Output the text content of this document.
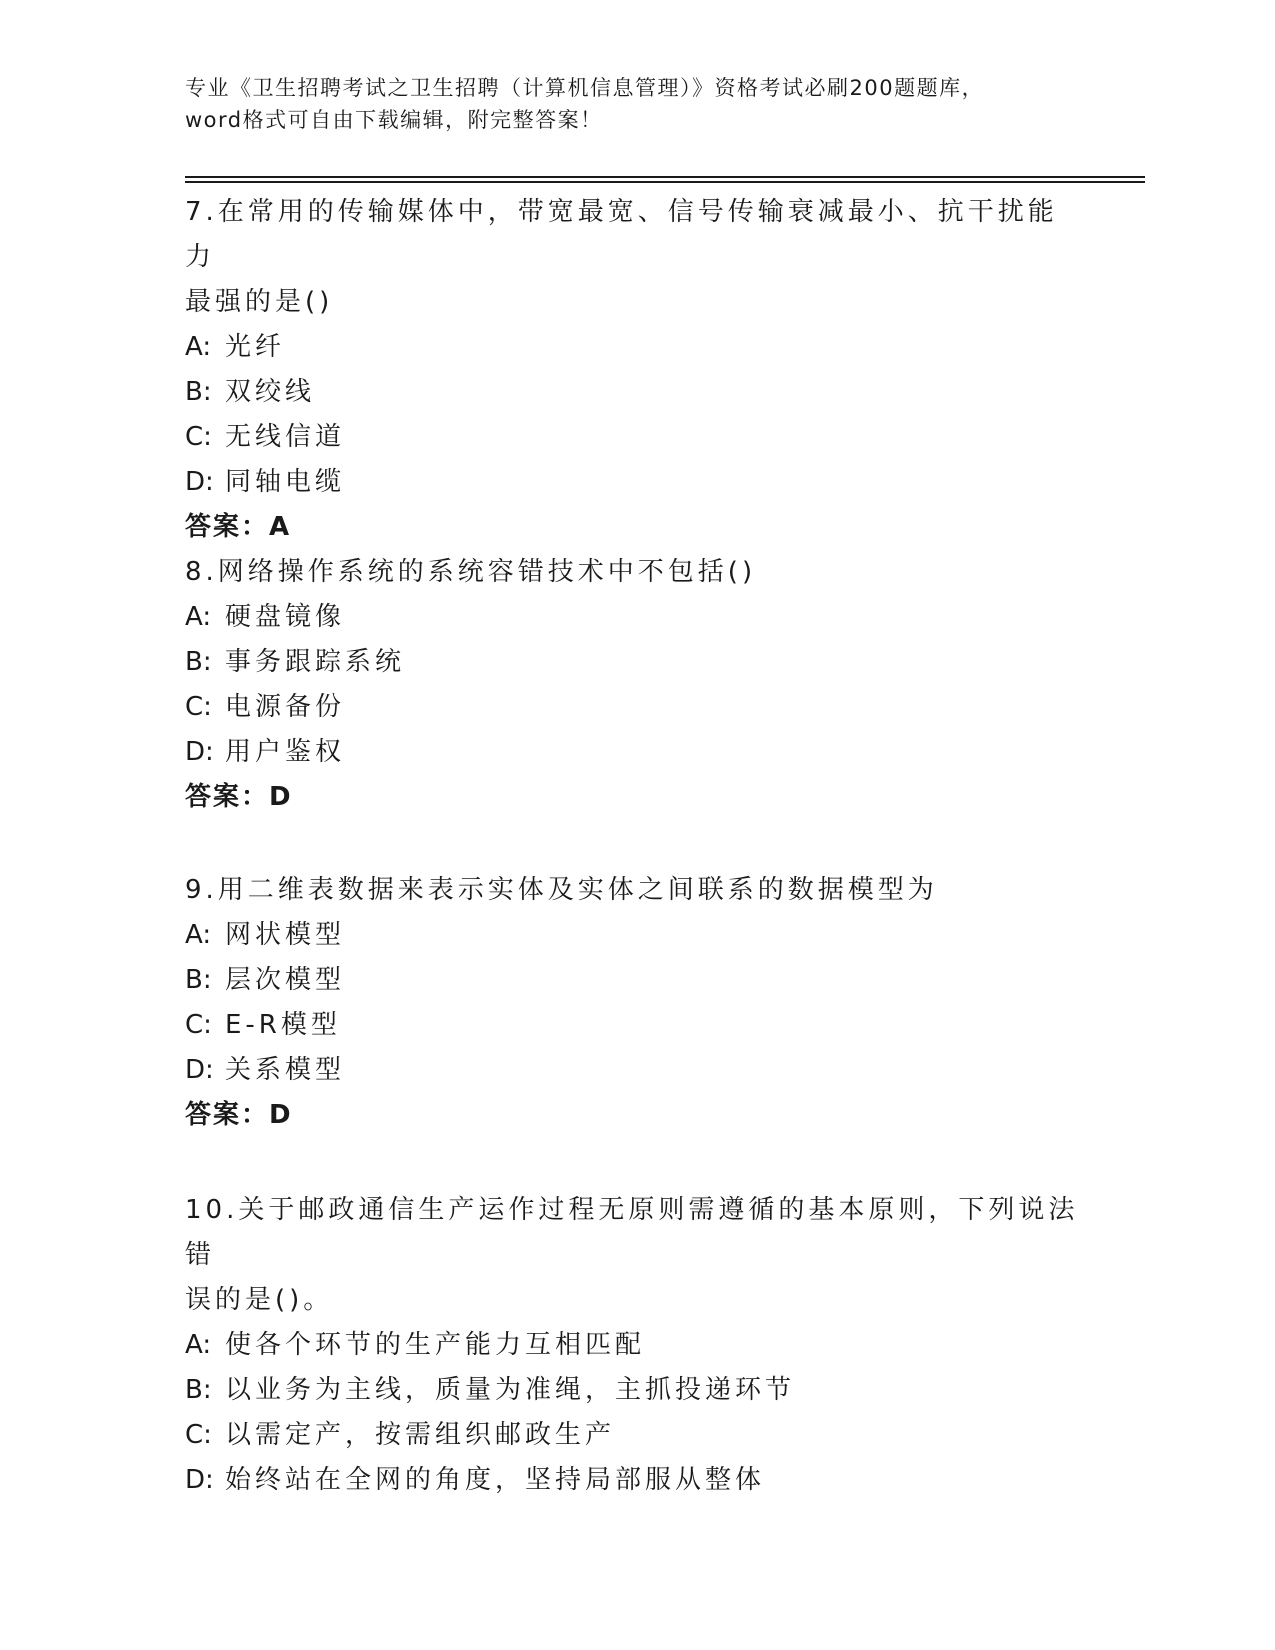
专业《卫生招聘考试之卫生招聘（计算机信息管理）》资格考试必刷200题题库，
word格式可自由下载编辑，附完整答案！

7.在常用的传输媒体中，带宽最宽、信号传输衰减最小、抗干扰能力

最强的是()

A: 光纤

B: 双绞线

C: 无线信道

D: 同轴电缆

答案：A

8.网络操作系统的系统容错技术中不包括()

A: 硬盘镜像

B: 事务跟踪系统

C: 电源备份

D: 用户鉴权

答案：D

9.用二维表数据来表示实体及实体之间联系的数据模型为

A: 网状模型

B: 层次模型

C: E-R模型

D: 关系模型

答案：D

10.关于邮政通信生产运作过程无原则需遵循的基本原则，下列说法错

误的是()。

A: 使各个环节的生产能力互相匹配

B: 以业务为主线，质量为准绳，主抓投递环节

C: 以需定产，按需组织邮政生产

D: 始终站在全网的角度，坚持局部服从整体
